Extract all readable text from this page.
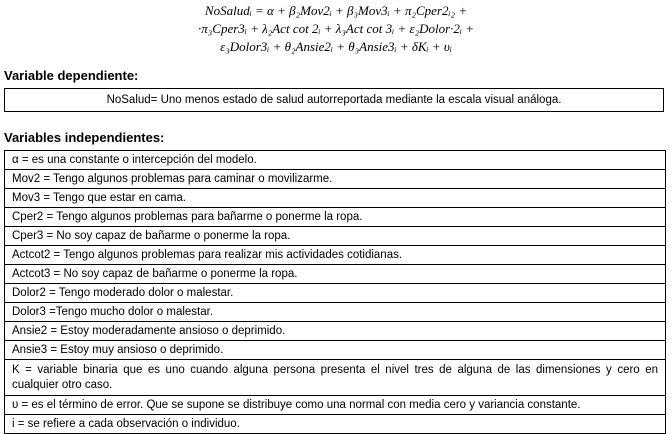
NoSaludᵢ = α + β₂Mov2ᵢ + β₃Mov3ᵢ + π₂Cper2ᵢ₂ +
·π₃Cper3ᵢ + λ₂Act cot 2ᵢ + λ₃Act cot 3ᵢ + ε₂Dolor·2ᵢ +
ε₃Dolor3ᵢ + θ₂Ansie2ᵢ + θ₃Ansie3ᵢ + δKᵢ + υᵢ
Variable dependiente:
NoSalud= Uno menos estado de salud autorreportada mediante la escala visual análoga.
Variables independientes:
α = es una constante o intercepción del modelo.
Mov2 = Tengo algunos problemas para caminar o movilizarme.
Mov3 = Tengo que estar en cama.
Cper2 = Tengo algunos problemas para bañarme o ponerme la ropa.
Cper3 = No soy capaz de bañarme o ponerme la ropa.
Actcot2 = Tengo algunos problemas para realizar mis actividades cotidianas.
Actcot3 = No soy capaz de bañarme o ponerme la ropa.
Dolor2 = Tengo moderado dolor o malestar.
Dolor3 =Tengo mucho dolor o malestar.
Ansie2 = Estoy moderadamente ansioso o deprimido.
Ansie3 = Estoy muy ansioso o deprimido.
K = variable binaria que es uno cuando alguna persona presenta el nivel tres de alguna de las dimensiones y cero en cualquier otro caso.
υ = es el término de error. Que se supone se distribuye como una normal con media cero y variancia constante.
i = se refiere a cada observación o individuo.
